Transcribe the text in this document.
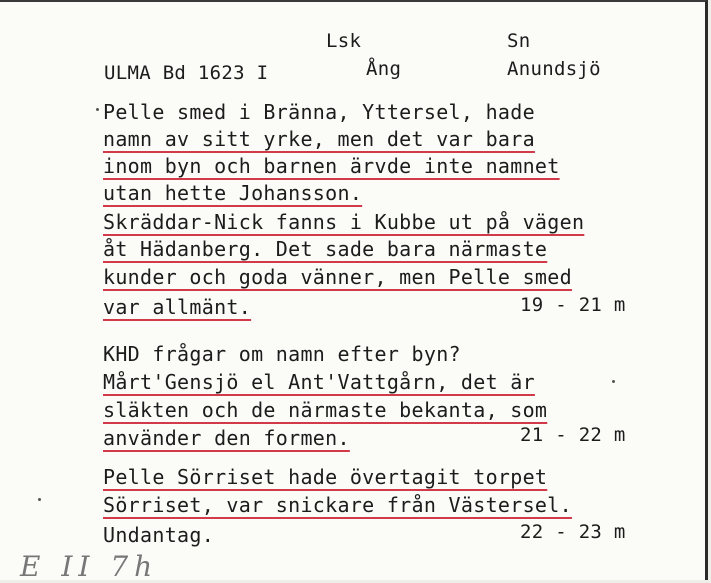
Lsk	Sn
ULMA Bd 1623 I	Ång	Anundsjö
Pelle smed i Brännа, Yttersel, hade
namn av sitt yrke, men det var bara
inom byn och barnen ärvde inte namnet
utan hette Johansson.
Skräddar-Nick fanns i Kubbe ut på vägen
åt Hädanberg. Det sade bara närmaste
kunder och goda vänner, men Pelle smed
var allmänt.	19 - 21 m
KHD frågar om namn efter byn?
Mårt'Gensjö el Ant'Vattgårn, det är
släkten och de närmaste bekanta, som
använder den formen.	21 - 22 m
Pelle Sörriset hade övertagit torpet
Sörriset, var snickare från Västersel.
Undantag.	22 - 23 m
E II 7h
